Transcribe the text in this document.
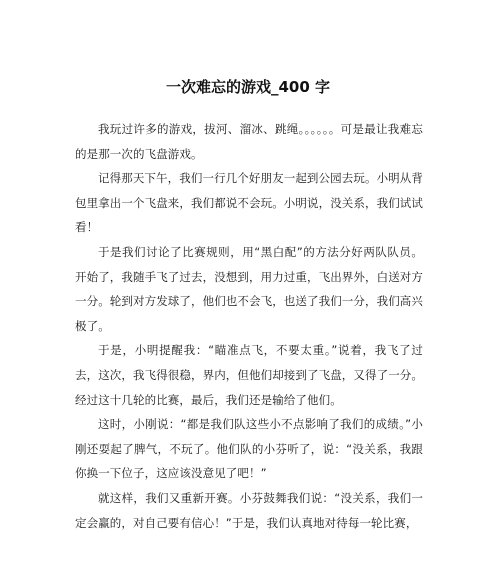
一次难忘的游戏_400 字

我玩过许多的游戏，拔河、溜冰、跳绳。。。。。。可是最让我难忘的是那一次的飞盘游戏。

记得那天下午，我们一行几个好朋友一起到公园去玩。小明从背包里拿出一个飞盘来，我们都说不会玩。小明说，没关系，我们试试看！

于是我们讨论了比赛规则，用“黑白配”的方法分好两队队员。开始了，我随手飞了过去，没想到，用力过重，飞出界外，白送对方一分。轮到对方发球了，他们也不会飞，也送了我们一分，我们高兴极了。

于是，小明提醒我：“瞄准点飞，不要太重。”说着，我飞了过去，这次，我飞得很稳，界内，但他们却接到了飞盘，又得了一分。经过这十几轮的比赛，最后，我们还是输给了他们。

这时，小刚说：“都是我们队这些小不点影响了我们的成绩。”小刚还耍起了脾气，不玩了。他们队的小芬听了，说：“没关系，我跟你换一下位子，这应该没意见了吧！”

就这样，我们又重新开赛。小芬鼓舞我们说：“没关系，我们一定会赢的，对自己要有信心！”于是，我们认真地对待每一轮比赛，
